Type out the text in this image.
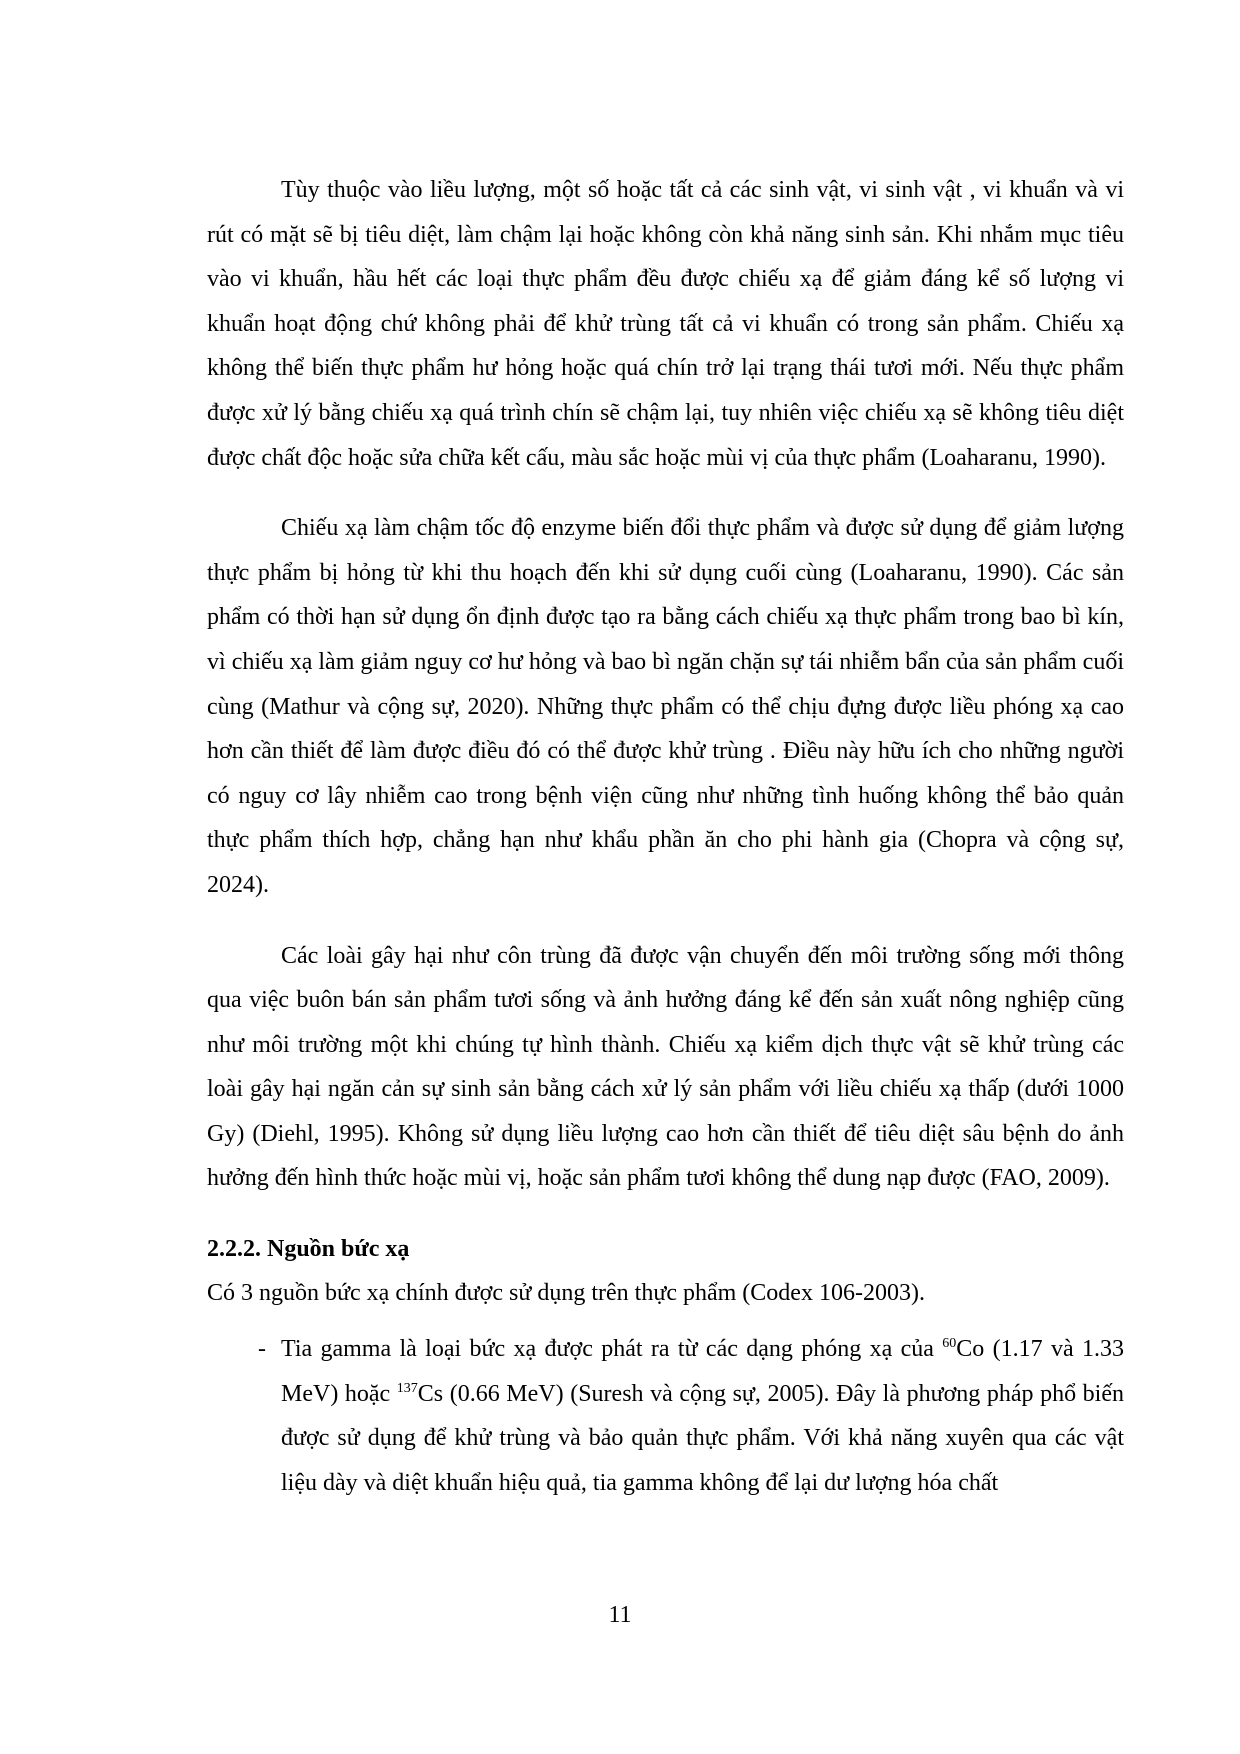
Tùy thuộc vào liều lượng, một số hoặc tất cả các sinh vật, vi sinh vật , vi khuẩn và vi rút có mặt sẽ bị tiêu diệt, làm chậm lại hoặc không còn khả năng sinh sản. Khi nhắm mục tiêu vào vi khuẩn, hầu hết các loại thực phẩm đều được chiếu xạ để giảm đáng kể số lượng vi khuẩn hoạt động chứ không phải để khử trùng tất cả vi khuẩn có trong sản phẩm. Chiếu xạ không thể biến thực phẩm hư hỏng hoặc quá chín trở lại trạng thái tươi mới. Nếu thực phẩm được xử lý bằng chiếu xạ quá trình chín sẽ chậm lại, tuy nhiên việc chiếu xạ sẽ không tiêu diệt được chất độc hoặc sửa chữa kết cấu, màu sắc hoặc mùi vị của thực phẩm (Loaharanu, 1990).

Chiếu xạ làm chậm tốc độ enzyme biến đổi thực phẩm và được sử dụng để giảm lượng thực phẩm bị hỏng từ khi thu hoạch đến khi sử dụng cuối cùng (Loaharanu, 1990). Các sản phẩm có thời hạn sử dụng ổn định được tạo ra bằng cách chiếu xạ thực phẩm trong bao bì kín, vì chiếu xạ làm giảm nguy cơ hư hỏng và bao bì ngăn chặn sự tái nhiễm bẩn của sản phẩm cuối cùng (Mathur và cộng sự, 2020). Những thực phẩm có thể chịu đựng được liều phóng xạ cao hơn cần thiết để làm được điều đó có thể được khử trùng . Điều này hữu ích cho những người có nguy cơ lây nhiễm cao trong bệnh viện cũng như những tình huống không thể bảo quản thực phẩm thích hợp, chẳng hạn như khẩu phần ăn cho phi hành gia (Chopra và cộng sự, 2024).

Các loài gây hại như côn trùng đã được vận chuyển đến môi trường sống mới thông qua việc buôn bán sản phẩm tươi sống và ảnh hưởng đáng kể đến sản xuất nông nghiệp cũng như môi trường một khi chúng tự hình thành. Chiếu xạ kiểm dịch thực vật sẽ khử trùng các loài gây hại ngăn cản sự sinh sản bằng cách xử lý sản phẩm với liều chiếu xạ thấp (dưới 1000 Gy) (Diehl, 1995). Không sử dụng liều lượng cao hơn cần thiết để tiêu diệt sâu bệnh do ảnh hưởng đến hình thức hoặc mùi vị, hoặc sản phẩm tươi không thể dung nạp được (FAO, 2009).

2.2.2. Nguồn bức xạ

Có 3 nguồn bức xạ chính được sử dụng trên thực phẩm (Codex 106-2003).

- Tia gamma là loại bức xạ được phát ra từ các dạng phóng xạ của $^{60}$Co (1.17 và 1.33 MeV) hoặc $^{137}$Cs (0.66 MeV) (Suresh và cộng sự, 2005). Đây là phương pháp phổ biến được sử dụng để khử trùng và bảo quản thực phẩm. Với khả năng xuyên qua các vật liệu dày và diệt khuẩn hiệu quả, tia gamma không để lại dư lượng hóa chất

11
